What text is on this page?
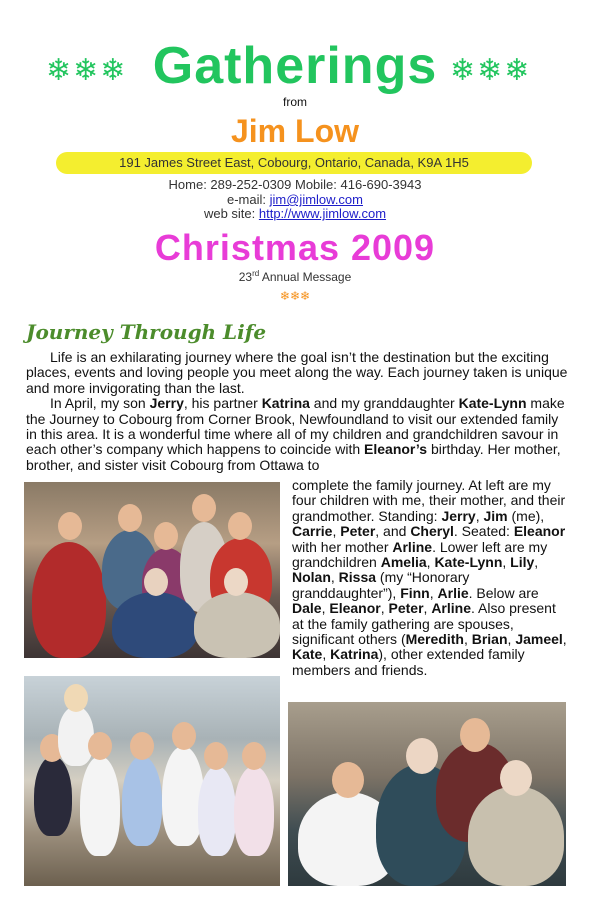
❄❄❄	❄❄❄
Gatherings
from
Jim Low
191 James Street East, Cobourg, Ontario, Canada, K9A 1H5
Home: 289-252-0309 Mobile: 416-690-3943
e-mail: jim@jimlow.com
web site: http://www.jimlow.com
Christmas 2009
23rd Annual Message
❄❄❄
Journey Through Life

Life is an exhilarating journey where the goal isn’t the destination but the exciting places, events and loving people you meet along the way. Each journey taken is unique and more invigorating than the last.

In April, my son Jerry, his partner Katrina and my granddaughter Kate-Lynn make the Journey to Cobourg from Corner Brook, Newfoundland to visit our extended family in this area. It is a wonderful time where all of my children and grandchildren savour in each other’s company which happens to coincide with Eleanor’s birthday. Her mother, brother, and sister visit Cobourg from Ottawa to

complete the family journey. At left are my four children with me, their mother, and their grandmother. Standing: Jerry, Jim (me), Carrie, Peter, and Cheryl. Seated: Eleanor with her mother Arline. Lower left are my grandchildren Amelia, Kate-Lynn, Lily, Nolan, Rissa (my “Honorary granddaughter”), Finn, Arlie. Below are Dale, Eleanor, Peter, Arline. Also present at the family gathering are spouses, significant others (Meredith, Brian, Jameel, Kate, Katrina), other extended family members and friends.
